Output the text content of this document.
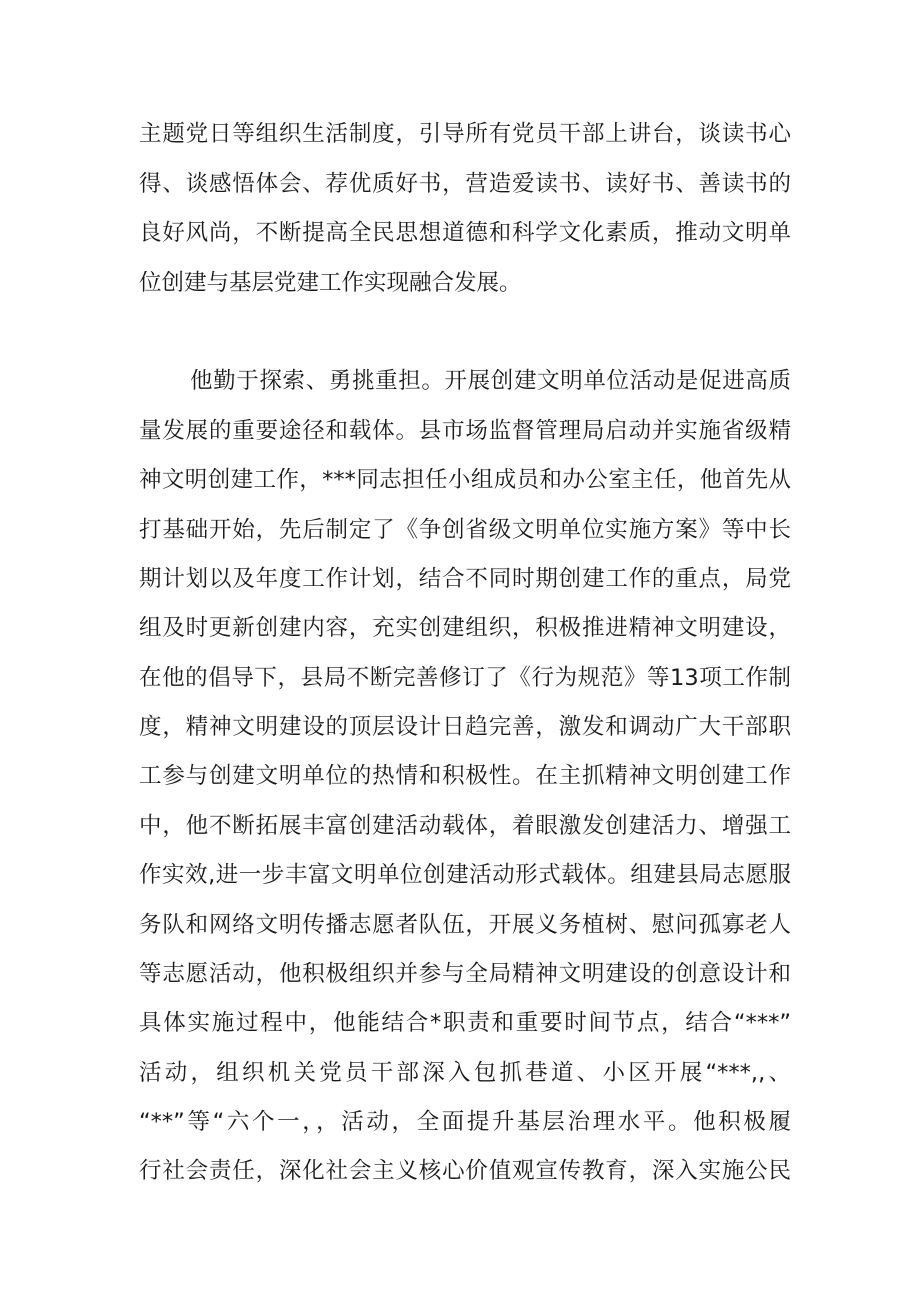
主题党日等组织生活制度，引导所有党员干部上讲台，谈读书心
得、谈感悟体会、荐优质好书，营造爱读书、读好书、善读书的
良好风尚，不断提高全民思想道德和科学文化素质，推动文明单
位创建与基层党建工作实现融合发展。
他勤于探索、勇挑重担。开展创建文明单位活动是促进高质
量发展的重要途径和载体。县市场监督管理局启动并实施省级精
神文明创建工作，***同志担任小组成员和办公室主任，他首先从
打基础开始，先后制定了《争创省级文明单位实施方案》等中长
期计划以及年度工作计划，结合不同时期创建工作的重点，局党
组及时更新创建内容，充实创建组织，积极推进精神文明建设，
在他的倡导下，县局不断完善修订了《行为规范》等13项工作制
度，精神文明建设的顶层设计日趋完善，激发和调动广大干部职
工参与创建文明单位的热情和积极性。在主抓精神文明创建工作
中，他不断拓展丰富创建活动载体，着眼激发创建活力、增强工
作实效,进一步丰富文明单位创建活动形式载体。组建县局志愿服
务队和网络文明传播志愿者队伍，开展义务植树、慰问孤寡老人
等志愿活动，他积极组织并参与全局精神文明建设的创意设计和
具体实施过程中，他能结合*职责和重要时间节点，结合“***”
活动，组织机关党员干部深入包抓巷道、小区开展“***,,、
“**”等“六个一，，活动，全面提升基层治理水平。他积极履
行社会责任，深化社会主义核心价值观宣传教育，深入实施公民
